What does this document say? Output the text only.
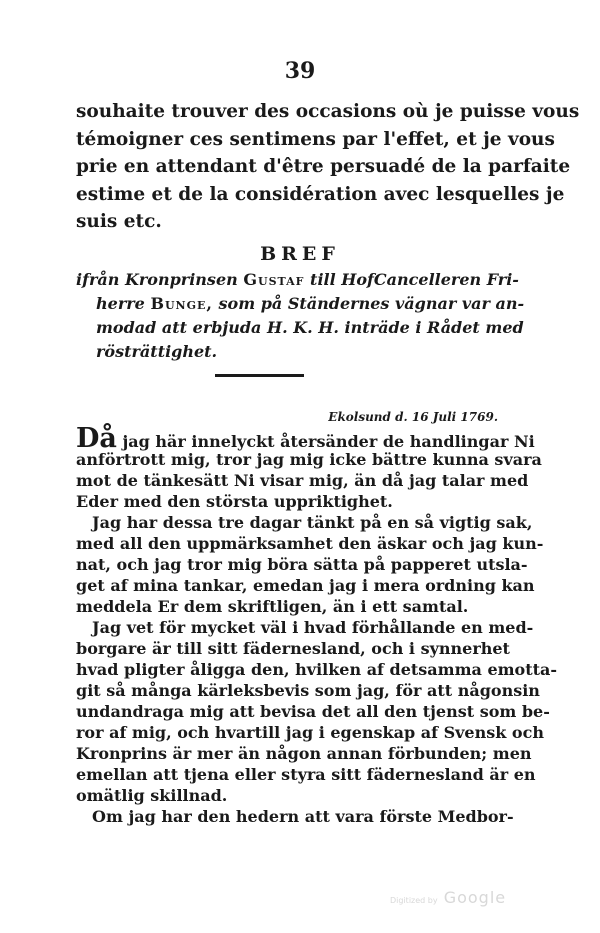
39
souhaite trouver des occasions où je puisse vous
témoigner ces sentimens par l'effet, et je vous
prie en attendant d'être persuadé de la parfaite
estime et de la considération avec lesquelles je
suis etc.
BREF
ifrån Kronprinsen Gustaf till HofCancelleren Fri-
herre Bunge, som på Ständernes vägnar var an-
modad att erbjuda H. K. H. inträde i Rådet med
rösträttighet.
Ekolsund d. 16 Juli 1769.
Då jag här innelyckt återsänder de handlingar Ni
anförtrott mig, tror jag mig icke bättre kunna svara
mot de tänkesätt Ni visar mig, än då jag talar med
Eder med den största uppriktighet.
Jag har dessa tre dagar tänkt på en så vigtig sak,
med all den uppmärksamhet den äskar och jag kun-
nat, och jag tror mig böra sätta på papperet utsla-
get af mina tankar, emedan jag i mera ordning kan
meddela Er dem skriftligen, än i ett samtal.
Jag vet för mycket väl i hvad förhållande en med-
borgare är till sitt fädernesland, och i synnerhet
hvad pligter åligga den, hvilken af detsamma emotta-
git så många kärleksbevis som jag, för att någonsin
undandraga mig att bevisa det all den tjenst som be-
ror af mig, och hvartill jag i egenskap af Svensk och
Kronprins är mer än någon annan förbunden; men
emellan att tjena eller styra sitt fädernesland är en
omätlig skillnad.
Om jag har den hedern att vara förste Medbor-
Digitized by Google
